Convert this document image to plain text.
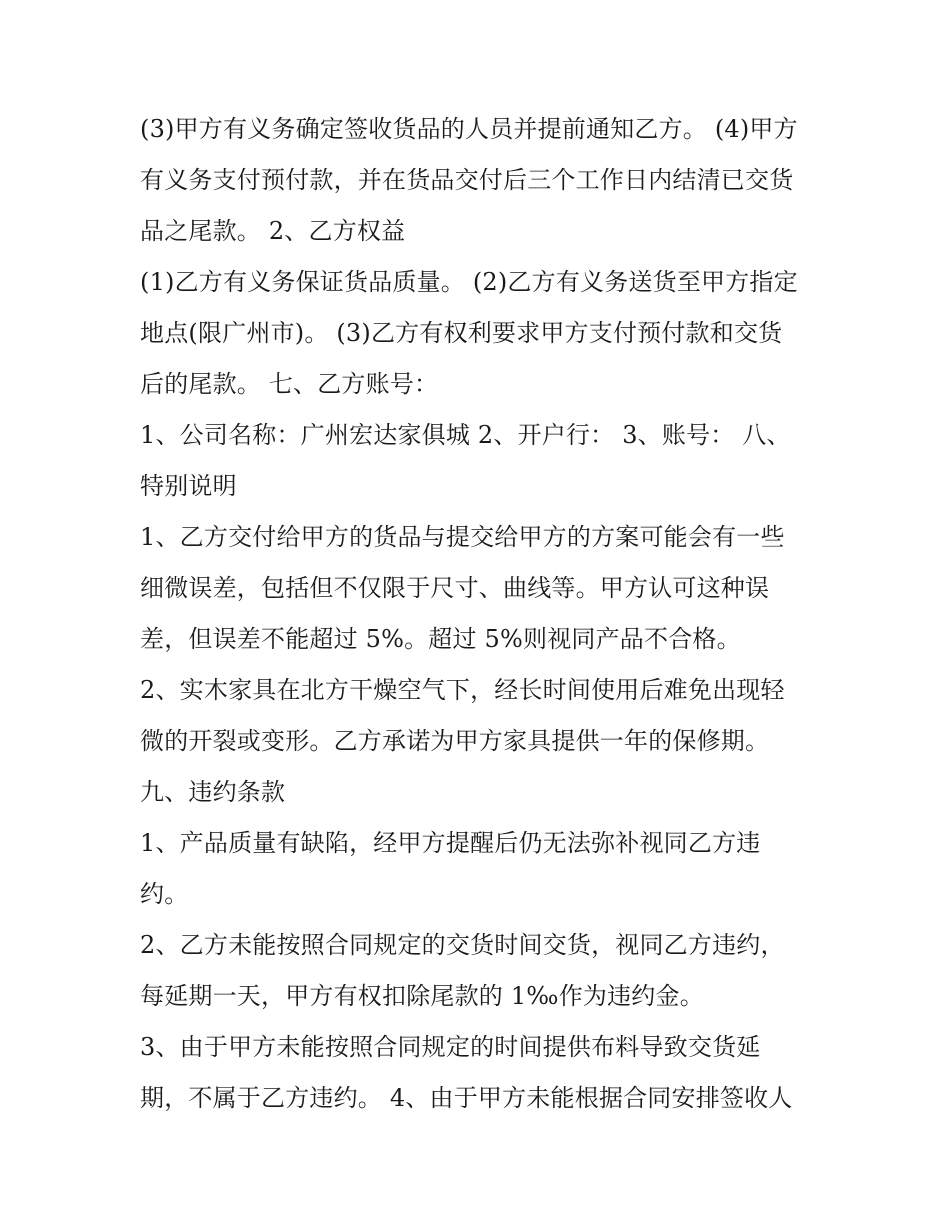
(3)甲方有义务确定签收货品的人员并提前通知乙方。 (4)甲方
有义务支付预付款，并在货品交付后三个工作日内结清已交货
品之尾款。 2、乙方权益
(1)乙方有义务保证货品质量。 (2)乙方有义务送货至甲方指定
地点(限广州市)。 (3)乙方有权利要求甲方支付预付款和交货
后的尾款。 七、乙方账号：
1、公司名称：广州宏达家俱城 2、开户行： 3、账号： 八、
特别说明
1、乙方交付给甲方的货品与提交给甲方的方案可能会有一些
细微误差，包括但不仅限于尺寸、曲线等。甲方认可这种误
差，但误差不能超过 5%。超过 5%则视同产品不合格。
2、实木家具在北方干燥空气下，经长时间使用后难免出现轻
微的开裂或变形。乙方承诺为甲方家具提供一年的保修期。
九、违约条款
1、产品质量有缺陷，经甲方提醒后仍无法弥补视同乙方违
约。
2、乙方未能按照合同规定的交货时间交货，视同乙方违约，
每延期一天，甲方有权扣除尾款的 1‰作为违约金。
3、由于甲方未能按照合同规定的时间提供布料导致交货延
期，不属于乙方违约。 4、由于甲方未能根据合同安排签收人
